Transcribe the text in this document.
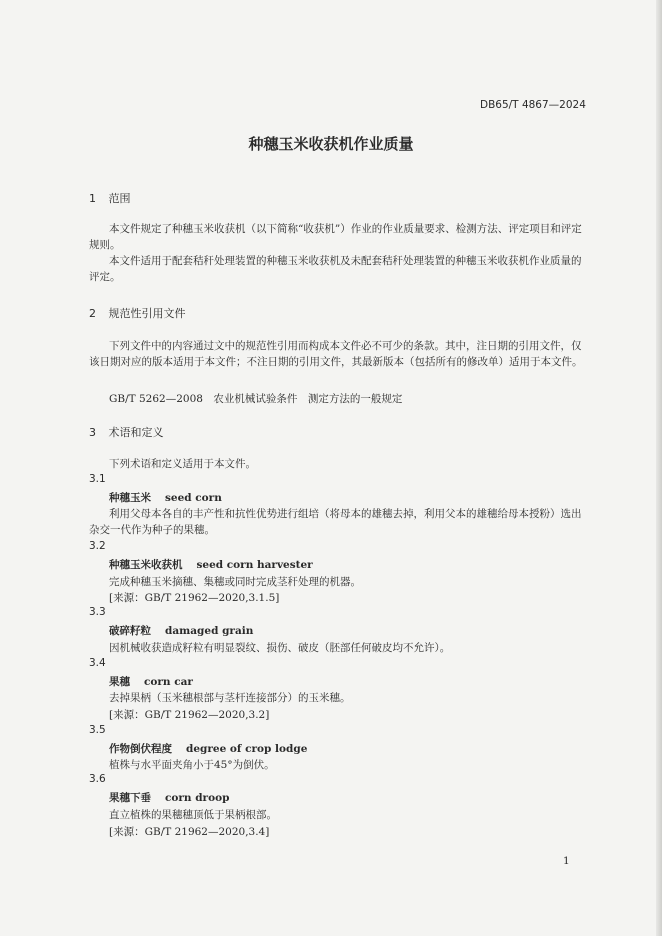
DB65/T 4867—2024
种穗玉米收获机作业质量
1 范围
本文件规定了种穗玉米收获机（以下简称“收获机”）作业的作业质量要求、检测方法、评定项目和评定规则。
本文件适用于配套秸秆处理装置的种穗玉米收获机及未配套秸秆处理装置的种穗玉米收获机作业质量的评定。
2 规范性引用文件
下列文件中的内容通过文中的规范性引用而构成本文件必不可少的条款。其中，注日期的引用文件，仅该日期对应的版本适用于本文件；不注日期的引用文件，其最新版本（包括所有的修改单）适用于本文件。
GB/T 5262—2008　农业机械试验条件　测定方法的一般规定
3 术语和定义
下列术语和定义适用于本文件。
3.1
种穗玉米 seed corn
利用父母本各自的丰产性和抗性优势进行组培（将母本的雄穗去掉，利用父本的雄穗给母本授粉）选出杂交一代作为种子的果穗。
3.2
种穗玉米收获机 seed corn harvester
完成种穗玉米摘穗、集穗或同时完成茎秆处理的机器。
[来源：GB/T 21962—2020,3.1.5]
3.3
破碎籽粒 damaged grain
因机械收获造成籽粒有明显裂纹、损伤、破皮（胚部任何破皮均不允许）。
3.4
果穗 corn car
去掉果柄（玉米穗根部与茎杆连接部分）的玉米穗。
[来源：GB/T 21962—2020,3.2]
3.5
作物倒伏程度 degree of crop lodge
植株与水平面夹角小于45°为倒伏。
3.6
果穗下垂 corn droop
直立植株的果穗穗顶低于果柄根部。
[来源：GB/T 21962—2020,3.4]
1
